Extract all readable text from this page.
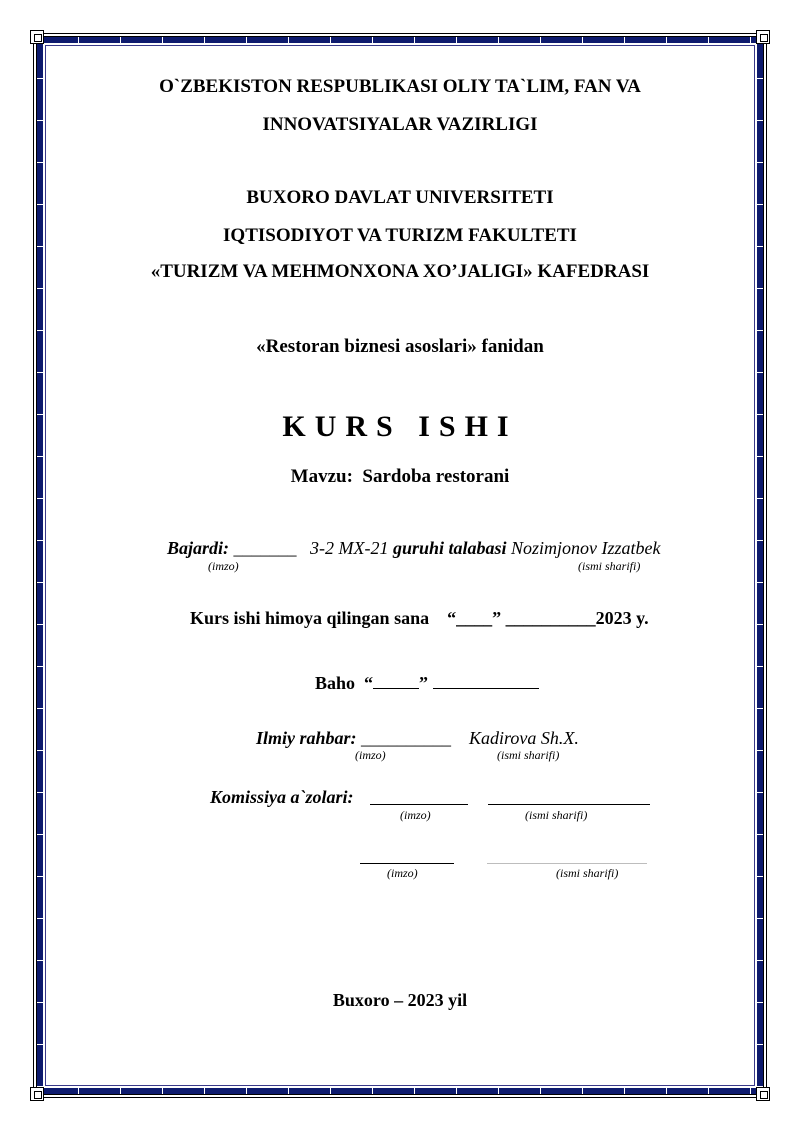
O`ZBEKISTON RESPUBLIKASI OLIY TA`LIM, FAN VA
INNOVATSIYALAR VAZIRLIGI
BUXORO DAVLAT UNIVERSITETI
IQTISODIYOT VA TURIZM FAKULTETI
«TURIZM VA MEHMONXONA XO’JALIGI» KAFEDRASI
«Restoran biznesi asoslari» fanidan
KURS ISHI
Mavzu: Sardoba restorani
Bajardi: _______ 3-2 MX-21 guruhi talabasi Nozimjonov Izzatbek
(imzo)	(ismi sharifi)
Kurs ishi himoya qilingan sana “____” __________2023 y.
Baho “	”
Ilmiy rahbar: __________ Kadirova Sh.X.
(imzo)	(ismi sharifi)
Komissiya a`zolari:
(imzo)	(ismi sharifi)
(imzo)	(ismi sharifi)
Buxoro – 2023 yil
